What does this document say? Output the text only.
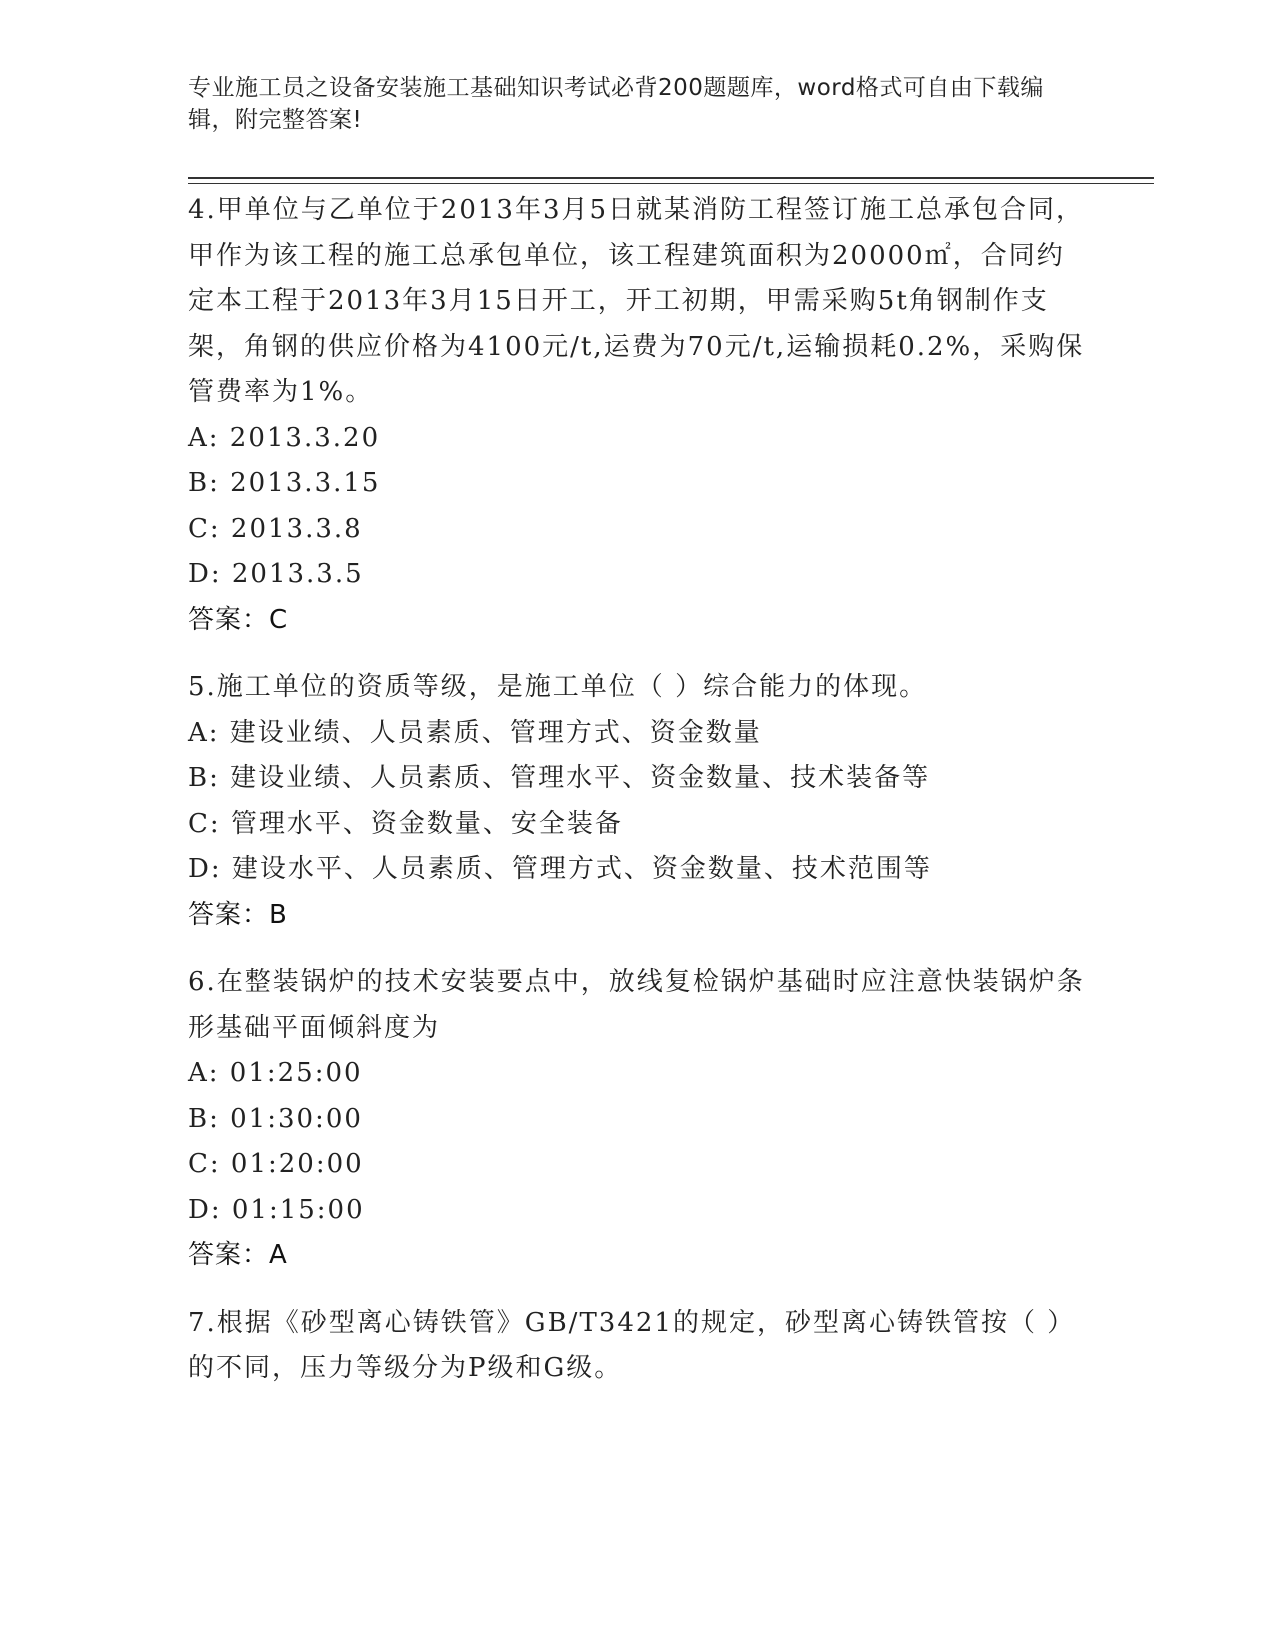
专业施工员之设备安装施工基础知识考试必背200题题库，word格式可自由下载编辑，附完整答案!

4.甲单位与乙单位于2013年3月5日就某消防工程签订施工总承包合同，甲作为该工程的施工总承包单位，该工程建筑面积为20000㎡，合同约定本工程于2013年3月15日开工，开工初期，甲需采购5t角钢制作支架，角钢的供应价格为4100元/t,运费为70元/t,运输损耗0.2%，采购保管费率为1%。

A: 2013.3.20

B: 2013.3.15

C: 2013.3.8

D: 2013.3.5

答案：C

5.施工单位的资质等级，是施工单位（ ）综合能力的体现。

A: 建设业绩、人员素质、管理方式、资金数量

B: 建设业绩、人员素质、管理水平、资金数量、技术装备等

C: 管理水平、资金数量、安全装备

D: 建设水平、人员素质、管理方式、资金数量、技术范围等

答案：B

6.在整装锅炉的技术安装要点中，放线复检锅炉基础时应注意快装锅炉条形基础平面倾斜度为

A: 01:25:00

B: 01:30:00

C: 01:20:00

D: 01:15:00

答案：A

7.根据《砂型离心铸铁管》GB/T3421的规定，砂型离心铸铁管按（ ）的不同，压力等级分为P级和G级。
